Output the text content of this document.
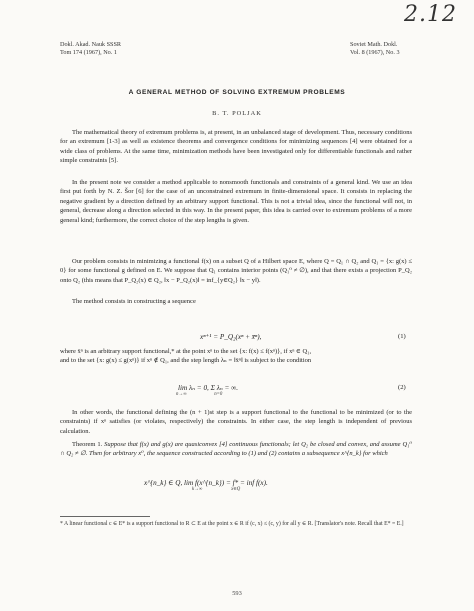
2.12
Dokl. Akad. Nauk SSSR
Tom 174 (1967), No. 1
Soviet Math. Dokl.
Vol. 8 (1967), No. 3
A GENERAL METHOD OF SOLVING EXTREMUM PROBLEMS
B. T. POLJAK

The mathematical theory of extremum problems is, at present, in an unbalanced stage of development. Thus, necessary conditions for an extremum [1-3] as well as existence theorems and convergence conditions for minimizing sequences [4] were obtained for a wide class of problems. At the same time, minimization methods have been investigated only for differentiable functionals and rather simple constraints [5].

In the present note we consider a method applicable to nonsmooth functionals and constraints of a general kind. We use an idea first put forth by N. Z. Šor [6] for the case of an unconstrained extremum in finite-dimensional space. It consists in replacing the negative gradient by a direction defined by an arbitrary support functional. This is not a trivial idea, since the functional will not, in general, decrease along a direction selected in this way. In the present paper, this idea is carried over to extremum problems of a more general kind; furthermore, the correct choice of the step lengths is given.

Our problem consists in minimizing a functional f(x) on a subset Q of a Hilbert space E, where Q = Q₁ ∩ Q₂ and Q₁ = {x: g(x) ≤ 0} for some functional g defined on E. We suppose that Q₁ contains interior points (Q₁⁰ ≠ ∅), and that there exists a projection P_Q₂ onto Q₂ (this means that P_Q₂(x) ∈ Q₂, ‖x − P_Q₂(x)‖ = inf_{y∈Q₂} ‖x − y‖).

The method consists in constructing a sequence

xⁿ⁺¹ = P_Q₂(xⁿ + x̄ⁿ),	(1)
where x̄ⁿ is an arbitrary support functional,* at the point xⁿ to the set {x: f(x) ≤ f(xⁿ)}, if xⁿ ∈ Q₁,
and to the set {x: g(x) ≤ g(xⁿ)} if xⁿ ∉ Q₁, and the step length λₙ = ‖x̄ⁿ‖ is subject to the condition
lim λₙ = 0, Σ λₙ = ∞.
n→∞                       n=0
(2)

In other words, the functional defining the (n + 1)st step is a support functional to the functional to be minimized (or to the constraints) if xⁿ satisfies (or violates, respectively) the constraints. In either case, the step length is independent of previous calculation.

Theorem 1. Suppose that f(x) and g(x) are quasiconvex [4] continuous functionals; let Q₂ be closed and convex, and assume Q₁⁰ ∩ Q₂ ≠ ∅. Then for arbitrary x⁰, the sequence constructed according to (1) and (2) contains a subsequence x^{n_k} for which

x^{n_k} ∈ Q, lim f(x^{n_k}) = f* = inf f(x).
k→∞                        x∈Q
* A linear functional c ∈ E* is a support functional to R ⊂ E at the point x ∈ R if (c, x) ≤ (c, y) for all y ∈ R. [Translator's note. Recall that E* = E.]
593
